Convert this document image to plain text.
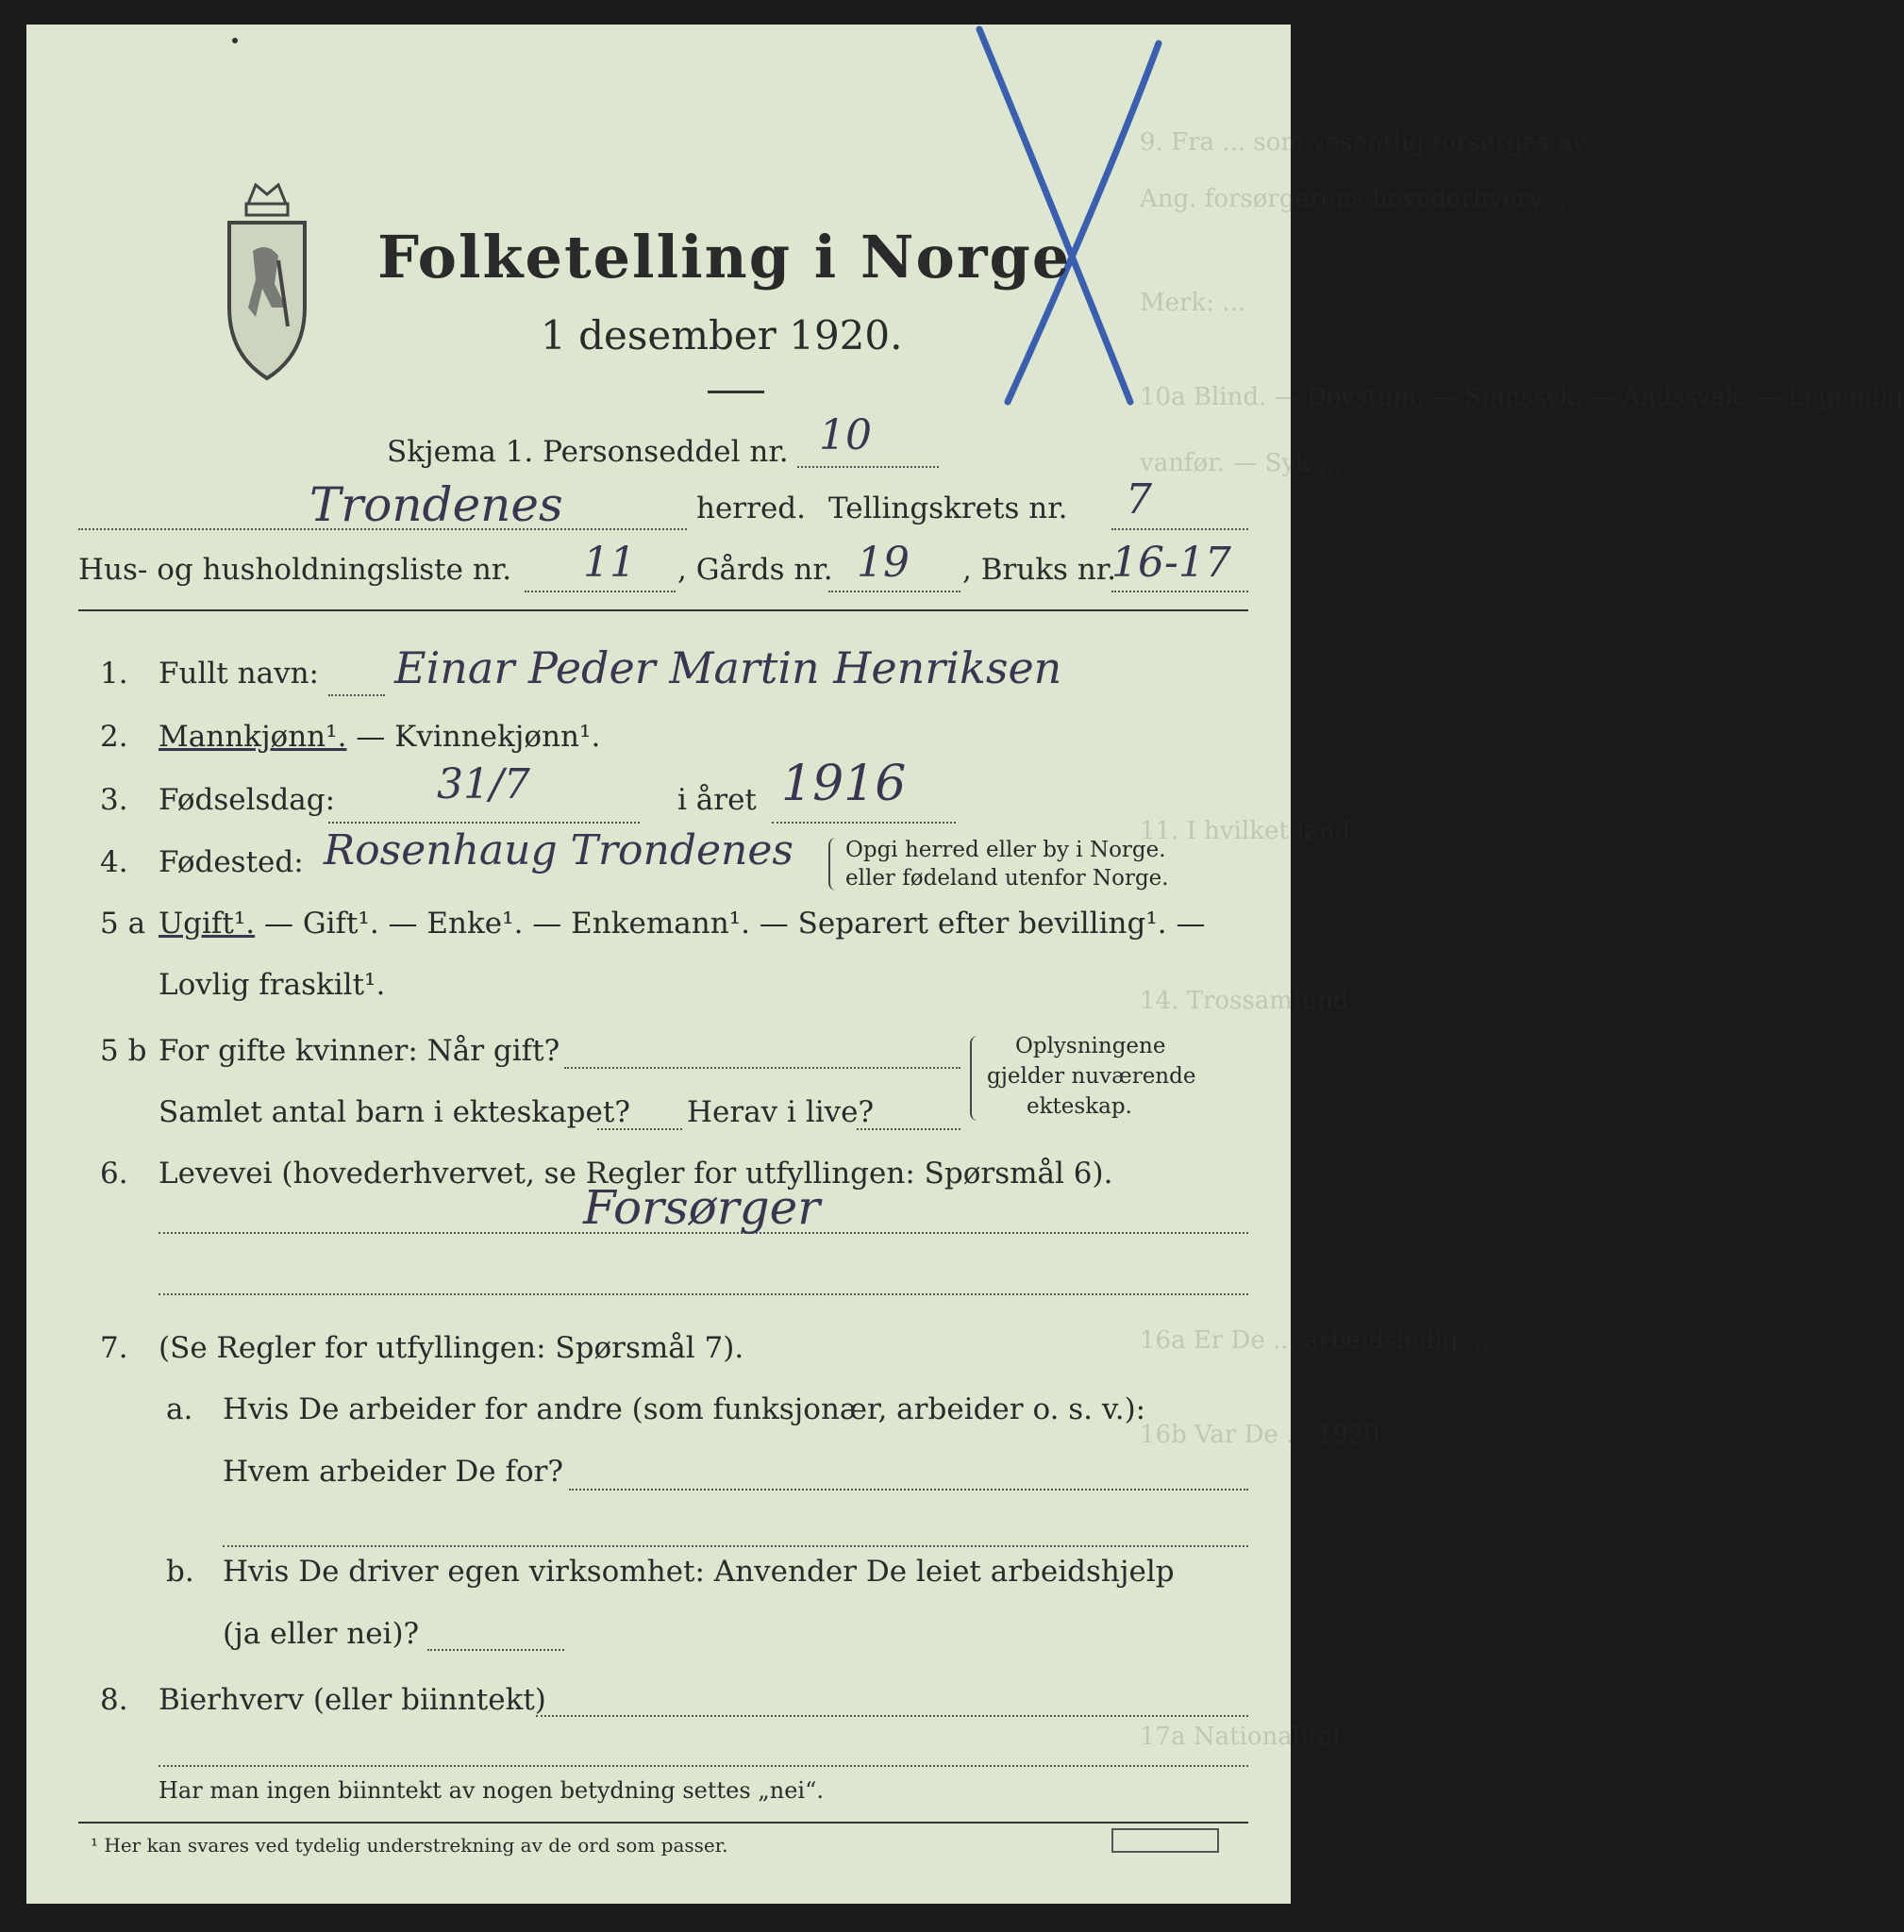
9. Fra ... som vesentlig forsørges av ...
Ang. forsørgerens hovederhverv ...
Merk: ...
10a Blind. — Døvstum. — Sinnssyk. — Åndssvak. — Legemlig
vanfør. — Syk ...
11. I hvilket land ...
14. Trossamfund ...
16a Er De ... arbeidsledig ...
16b Var De ... 1920 ...
17a Nationalitet ...
Folketelling i Norge
1 desember 1920.
Skjema 1. Personseddel nr. 10
Trondenes	herred. Tellingskrets nr. 7
Hus- og husholdningsliste nr. 11 , Gårds nr. 19 , Bruks nr.
16-17
1. Fullt navn: Einar Peder Martin Henriksen
2. Mannkjønn¹. — Kvinnekjønn¹.
3. Fødselsdag: 31/7	i året 1916
4. Fødested: Rosenhaug Trondenes Opgi herred eller by i Norge.
eller fødeland utenfor Norge.
5 a Ugift¹. — Gift¹. — Enke¹. — Enkemann¹. — Separert efter bevilling¹. —
Lovlig fraskilt¹.
5 b For gifte kvinner: Når gift?
Samlet antal barn i ekteskapet? Herav i live?
Oplysningene
gjelder nuværende
ekteskap.
6. Levevei (hovederhvervet, se Regler for utfyllingen: Spørsmål 6).
Forsørger
7. (Se Regler for utfyllingen: Spørsmål 7).
a. Hvis De arbeider for andre (som funksjonær, arbeider o. s. v.):
Hvem arbeider De for?
b. Hvis De driver egen virksomhet: Anvender De leiet arbeidshjelp
(ja eller nei)?
8. Bierhverv (eller biinntekt)
Har man ingen biinntekt av nogen betydning settes „nei“.
¹ Her kan svares ved tydelig understrekning av de ord som passer.
